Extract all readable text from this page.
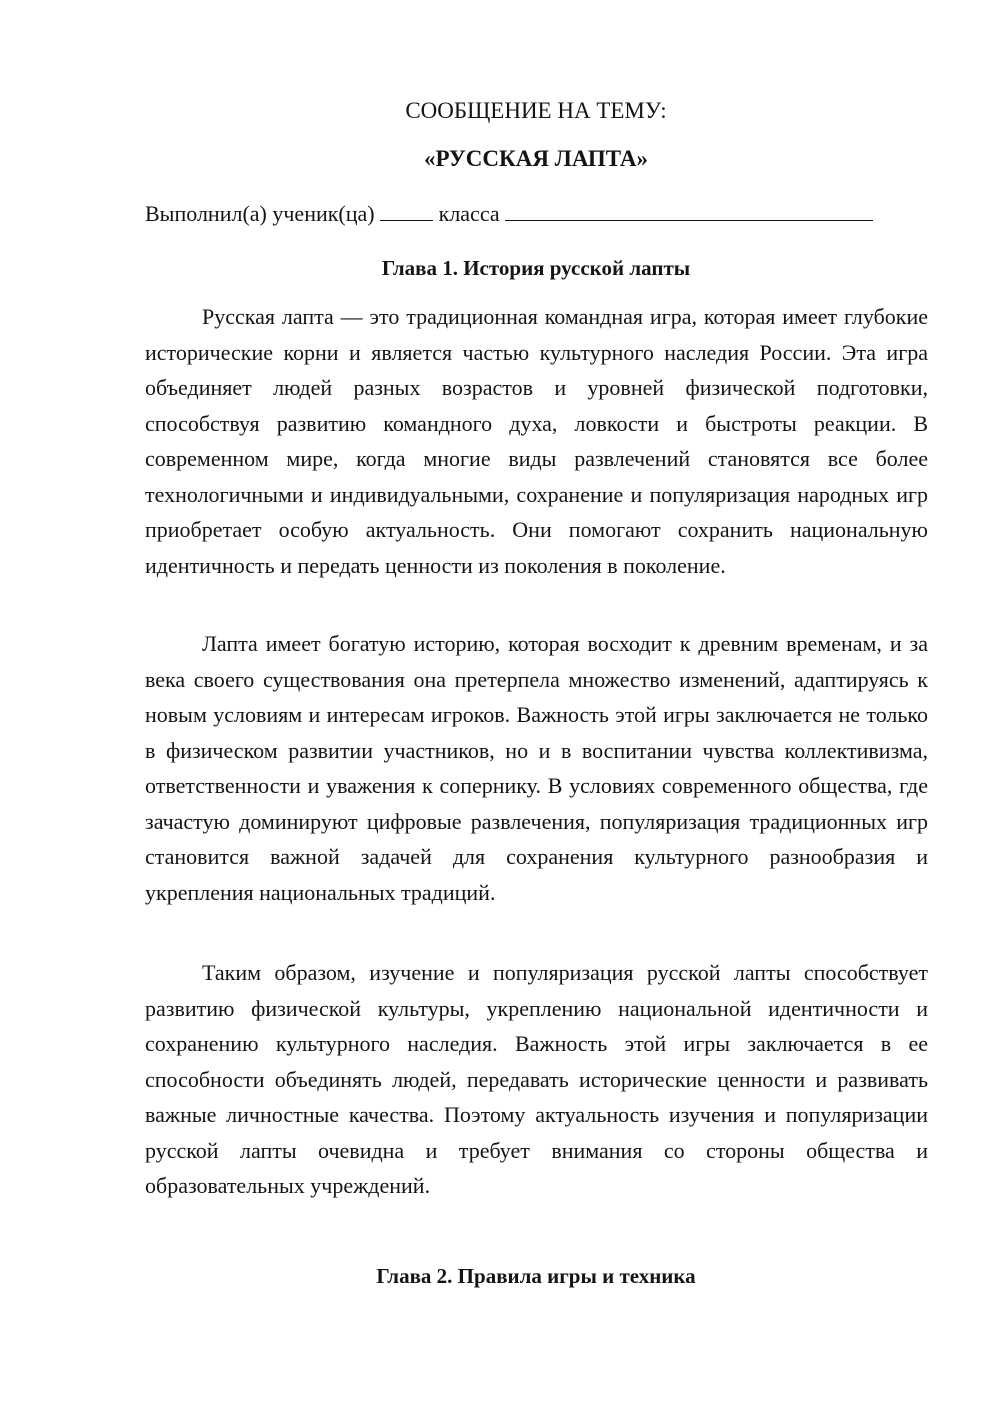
СООБЩЕНИЕ НА ТЕМУ:
«РУССКАЯ ЛАПТА»
Выполнил(а) ученик(ца)	класса
Глава 1. История русской лапты

Русская лапта — это традиционная командная игра, которая имеет глубокие исторические корни и является частью культурного наследия России. Эта игра объединяет людей разных возрастов и уровней физической подготовки, способствуя развитию командного духа, ловкости и быстроты реакции. В современном мире, когда многие виды развлечений становятся все более технологичными и индивидуальными, сохранение и популяризация народных игр приобретает особую актуальность. Они помогают сохранить национальную идентичность и передать ценности из поколения в поколение.

Лапта имеет богатую историю, которая восходит к древним временам, и за века своего существования она претерпела множество изменений, адаптируясь к новым условиям и интересам игроков. Важность этой игры заключается не только в физическом развитии участников, но и в воспитании чувства коллективизма, ответственности и уважения к сопернику. В условиях современного общества, где зачастую доминируют цифровые развлечения, популяризация традиционных игр становится важной задачей для сохранения культурного разнообразия и укрепления национальных традиций.

Таким образом, изучение и популяризация русской лапты способствует развитию физической культуры, укреплению национальной идентичности и сохранению культурного наследия. Важность этой игры заключается в ее способности объединять людей, передавать исторические ценности и развивать важные личностные качества. Поэтому актуальность изучения и популяризации русской лапты очевидна и требует внимания со стороны общества и образовательных учреждений.

Глава 2. Правила игры и техника
